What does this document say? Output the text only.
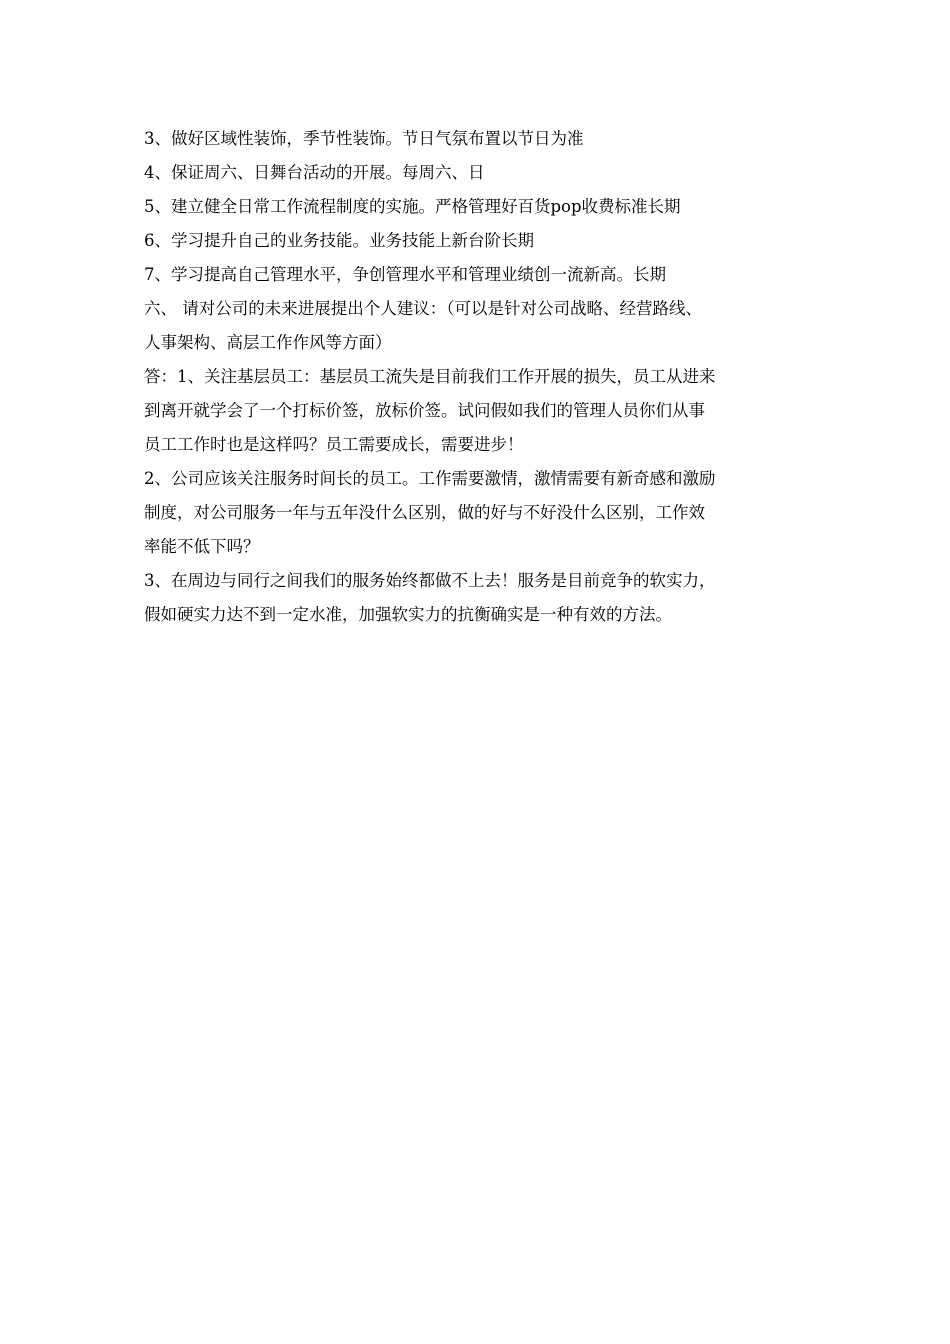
3、做好区域性装饰，季节性装饰。节日气氛布置以节日为准
4、保证周六、日舞台活动的开展。每周六、日
5、建立健全日常工作流程制度的实施。严格管理好百货pop收费标准长期
6、学习提升自己的业务技能。业务技能上新台阶长期
7、学习提高自己管理水平，争创管理水平和管理业绩创一流新高。长期
六、 请对公司的未来进展提出个人建议：（可以是针对公司战略、经营路线、
人事架构、高层工作作风等方面）
答：1、关注基层员工：基层员工流失是目前我们工作开展的损失，员工从进来
到离开就学会了一个打标价签，放标价签。试问假如我们的管理人员你们从事
员工工作时也是这样吗？员工需要成长，需要进步！
2、公司应该关注服务时间长的员工。工作需要激情，激情需要有新奇感和激励
制度，对公司服务一年与五年没什么区别，做的好与不好没什么区别，工作效
率能不低下吗？
3、在周边与同行之间我们的服务始终都做不上去！服务是目前竞争的软实力，
假如硬实力达不到一定水准，加强软实力的抗衡确实是一种有效的方法。
